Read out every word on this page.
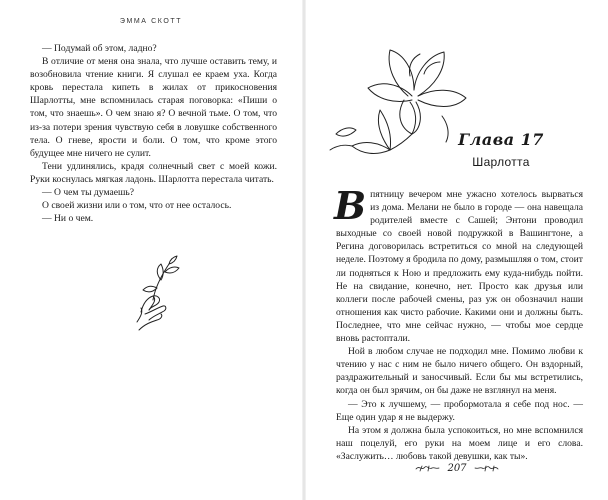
ЭММА СКОТТ

— Подумай об этом, ладно?

В отличие от меня она знала, что лучше оставить тему, и возобновила чтение книги. Я слушал ее краем уха. Когда кровь перестала кипеть в жилах от прикосновения Шарлотты, мне вспомнилась старая поговорка: «Пиши о том, что знаешь». О чем знаю я? О вечной тьме. О том, что из-за потери зрения чувствую себя в ловушке собственного тела. О гневе, ярости и боли. О том, что кроме этого будущее мне ничего не сулит.

Тени удлинялись, крадя солнечный свет с моей кожи. Руки коснулась мягкая ладонь. Шарлотта перестала читать.

— О чем ты думаешь?

О своей жизни или о том, что от нее осталось.

— Ни о чем.

Глава 17
Шарлотта

В пятницу вечером мне ужасно хотелось вырваться из дома. Мелани не было в городе — она навещала родителей вместе с Сашей; Энтони проводил выходные со своей новой подружкой в Вашингтоне, а Регина договорилась встретиться со мной на следующей неделе. Поэтому я бродила по дому, размышляя о том, стоит ли подняться к Ною и предложить ему куда-нибудь пойти. Не на свидание, конечно, нет. Просто как друзья или коллеги после рабочей смены, раз уж он обозначил наши отношения как чисто рабочие. Какими они и должны быть. Последнее, что мне сейчас нужно, — чтобы мое сердце вновь растоптали.

Ной в любом случае не подходил мне. Помимо любви к чтению у нас с ним не было ничего общего. Он вздорный, раздражительный и заносчивый. Если бы мы встретились, когда он был зрячим, он бы даже не взглянул на меня.

— Это к лучшему, — пробормотала я себе под нос. — Еще один удар я не выдержу.

На этом я должна была успокоиться, но мне вспомнился наш поцелуй, его руки на моем лице и его слова. «Заслужить… любовь такой девушки, как ты».

207
